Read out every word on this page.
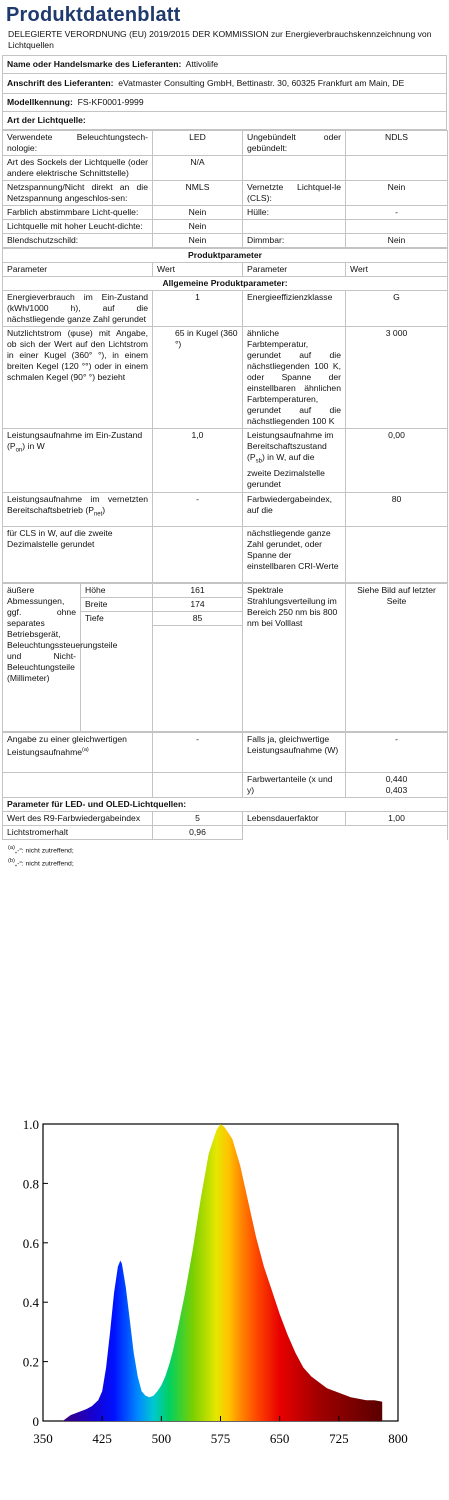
Produktdatenblatt
DELEGIERTE VERORDNUNG (EU) 2019/2015 DER KOMMISSION zur Energieverbrauchskennzeichnung von Lichtquellen
Name oder Handelsmarke des Lieferanten: Attivolife
Anschrift des Lieferanten: eVatmaster Consulting GmbH, Bettinastr. 30, 60325 Frankfurt am Main, DE
Modellkennung: FS-KF0001-9999
Art der Lichtquelle:
Verwendete Beleuchtungstech-nologie:	LED	Ungebündelt oder gebündelt:	NDLS
Art des Sockels der Lichtquelle (oder andere elektrische Schnittstelle)	N/A		
Netzspannung/Nicht direkt an die Netzspannung angeschlos-sen:	NMLS	Vernetzte Lichtquel-le (CLS):	Nein
Farblich abstimmbare Licht-quelle:	Nein	Hülle:	-
Lichtquelle mit hoher Leucht-dichte:	Nein		
Blendschutzschild:	Nein	Dimmbar:	Nein
Produktparameter			
Parameter	Wert	Parameter	Wert
Allgemeine Produktparameter:			
Energieverbrauch im Ein-Zustand (kWh/1000 h), auf die nächstliegende ganze Zahl gerundet	1	Energieeffizienzklasse	G
Nutzlichtstrom (φuse) mit Angabe, ob sich der Wert auf den Lichtstrom in einer Kugel (360° °), in einem breiten Kegel (120 °°) oder in einem schmalen Kegel (90° °) bezieht	65 in Kugel (360 °)	ähnliche Farbtemperatur, gerundet auf die nächstliegenden 100 K, oder Spanne der einstellbaren ähnlichen Farbtemperaturen, gerundet auf die nächstliegenden 100 K	3 000
Leistungsaufnahme im Ein-Zustand $(P_{on})$ in W	1,0	Leistungsaufnahme im Bereitschaftszustand $(P_{sb})$ in W, auf die zweite Dezimalstelle gerundet	0,00
Leistungsaufnahme im vernetzten Bereitschaftsbetrieb $(P_{net})$	-	Farbwiedergabeindex, auf die	80
für CLS in W, auf die zweite Dezimalstelle gerundet		nächstliegende ganze Zahl gerundet, oder Spanne der einstellbaren CRI-Werte	
äußere Abmessungen, ggf. ohne separates Betriebsgerät, Beleuchtungssteuerungsteile und Nicht-Beleuchtungsteile (Millimeter)	Höhe	161	Spektrale Strahlungsverteilung im Bereich 250 nm bis 800 nm bei Volllast	Siehe Bild auf letzter Seite
	Breite	174		
	Tiefe	85		

Angabe zu einer gleichwertigen Leistungsaufnahme$^{(a)}$	-	Falls ja, gleichwertige Leistungsaufnahme (W)	-
		Farbwertanteile (x und y)	0,440
0,403

Parameter für LED- und OLED-Lichtquellen:			
Wert des R9-Farbwiedergabeindex	5	Lebensdauerfaktor	1,00
Lichtstromerhalt	0,96		
$^{(a)}$„-“: nicht zutreffend;
$^{(b)}$„-“: nicht zutreffend;
350	425	500	575	650	725	800
0
0.2
0.4
0.6
0.8
1.0
